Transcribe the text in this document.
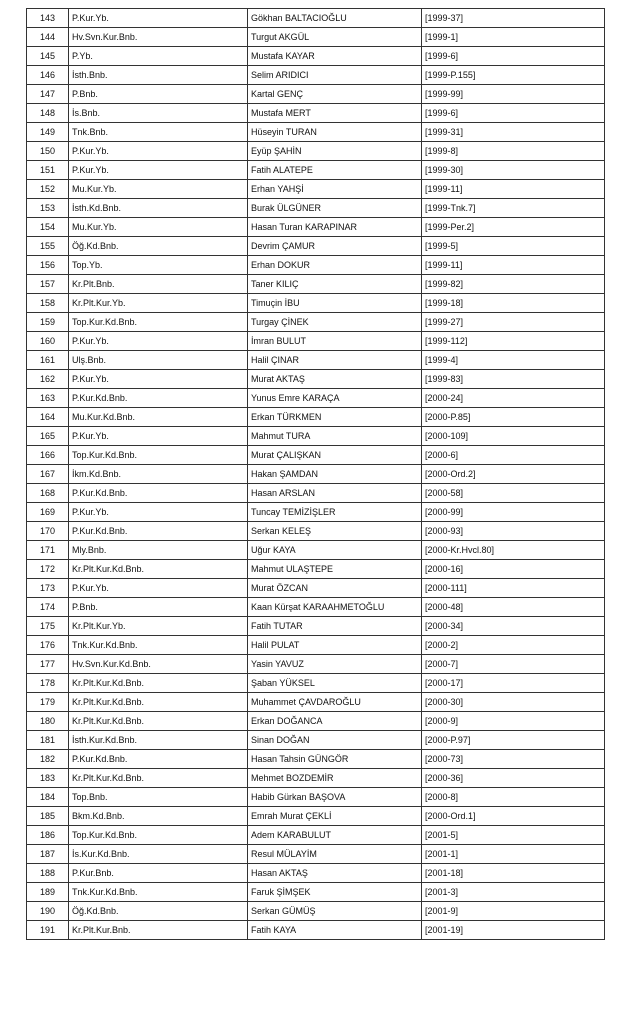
143	P.Kur.Yb.	Gökhan BALTACIOĞLU	[1999-37]
144	Hv.Svn.Kur.Bnb.	Turgut AKGÜL	[1999-1]
145	P.Yb.	Mustafa KAYAR	[1999-6]
146	İsth.Bnb.	Selim ARIDICI	[1999-P.155]
147	P.Bnb.	Kartal GENÇ	[1999-99]
148	İs.Bnb.	Mustafa MERT	[1999-6]
149	Tnk.Bnb.	Hüseyin TURAN	[1999-31]
150	P.Kur.Yb.	Eyüp ŞAHİN	[1999-8]
151	P.Kur.Yb.	Fatih ALATEPE	[1999-30]
152	Mu.Kur.Yb.	Erhan YAHŞİ	[1999-11]
153	İsth.Kd.Bnb.	Burak ÜLGÜNER	[1999-Tnk.7]
154	Mu.Kur.Yb.	Hasan Turan KARAPINAR	[1999-Per.2]
155	Öğ.Kd.Bnb.	Devrim ÇAMUR	[1999-5]
156	Top.Yb.	Erhan DOKUR	[1999-11]
157	Kr.Plt.Bnb.	Taner KILIÇ	[1999-82]
158	Kr.Plt.Kur.Yb.	Timuçin İBU	[1999-18]
159	Top.Kur.Kd.Bnb.	Turgay ÇİNEK	[1999-27]
160	P.Kur.Yb.	İmran BULUT	[1999-112]
161	Ulş.Bnb.	Halil ÇINAR	[1999-4]
162	P.Kur.Yb.	Murat AKTAŞ	[1999-83]
163	P.Kur.Kd.Bnb.	Yunus Emre KARAÇA	[2000-24]
164	Mu.Kur.Kd.Bnb.	Erkan TÜRKMEN	[2000-P.85]
165	P.Kur.Yb.	Mahmut TURA	[2000-109]
166	Top.Kur.Kd.Bnb.	Murat ÇALIŞKAN	[2000-6]
167	İkm.Kd.Bnb.	Hakan ŞAMDAN	[2000-Ord.2]
168	P.Kur.Kd.Bnb.	Hasan ARSLAN	[2000-58]
169	P.Kur.Yb.	Tuncay TEMİZİŞLER	[2000-99]
170	P.Kur.Kd.Bnb.	Serkan KELEŞ	[2000-93]
171	Mly.Bnb.	Uğur KAYA	[2000-Kr.Hvcl.80]
172	Kr.Plt.Kur.Kd.Bnb.	Mahmut ULAŞTEPE	[2000-16]
173	P.Kur.Yb.	Murat ÖZCAN	[2000-111]
174	P.Bnb.	Kaan Kürşat KARAAHMETOĞLU	[2000-48]
175	Kr.Plt.Kur.Yb.	Fatih TUTAR	[2000-34]
176	Tnk.Kur.Kd.Bnb.	Halil PULAT	[2000-2]
177	Hv.Svn.Kur.Kd.Bnb.	Yasin YAVUZ	[2000-7]
178	Kr.Plt.Kur.Kd.Bnb.	Şaban YÜKSEL	[2000-17]
179	Kr.Plt.Kur.Kd.Bnb.	Muhammet ÇAVDAROĞLU	[2000-30]
180	Kr.Plt.Kur.Kd.Bnb.	Erkan DOĞANCA	[2000-9]
181	İsth.Kur.Kd.Bnb.	Sinan DOĞAN	[2000-P.97]
182	P.Kur.Kd.Bnb.	Hasan Tahsin GÜNGÖR	[2000-73]
183	Kr.Plt.Kur.Kd.Bnb.	Mehmet BOZDEMİR	[2000-36]
184	Top.Bnb.	Habib Gürkan BAŞOVA	[2000-8]
185	Bkm.Kd.Bnb.	Emrah Murat ÇEKLİ	[2000-Ord.1]
186	Top.Kur.Kd.Bnb.	Adem KARABULUT	[2001-5]
187	İs.Kur.Kd.Bnb.	Resul MÜLAYİM	[2001-1]
188	P.Kur.Bnb.	Hasan AKTAŞ	[2001-18]
189	Tnk.Kur.Kd.Bnb.	Faruk ŞİMŞEK	[2001-3]
190	Öğ.Kd.Bnb.	Serkan GÜMÜŞ	[2001-9]
191	Kr.Plt.Kur.Bnb.	Fatih KAYA	[2001-19]
